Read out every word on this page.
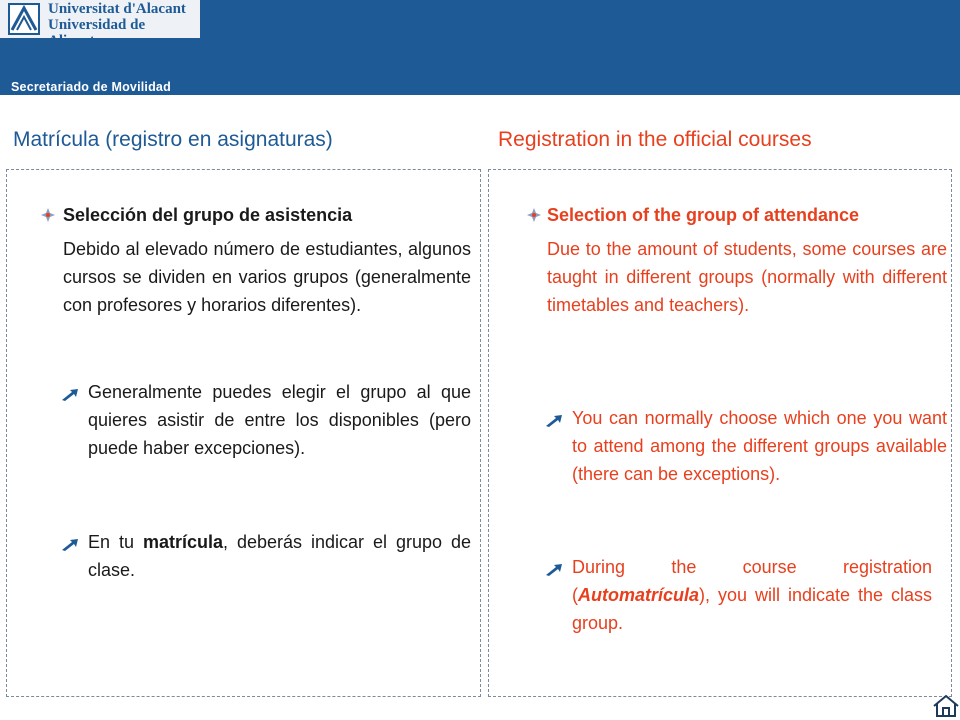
Universitat d'Alacant
Universidad de Alicante
Secretariado de Movilidad
Matrícula (registro en asignaturas)	Registration in the official courses

Selección del grupo de asistencia

Debido al elevado número de estudiantes, algunos cursos se dividen en varios grupos (generalmente con profesores y horarios diferentes).

Generalmente puedes elegir el grupo al que quieres asistir de entre los disponibles (pero puede haber excepciones).
En tu matrícula, deberás indicar el grupo de clase.

Selection of the group of attendance

Due to the amount of students, some courses are taught in different groups (normally with different timetables and teachers).

You can normally choose which one you want to attend among the different groups available (there can be exceptions).
During the course registration (Automatrícula), you will indicate the class group.
